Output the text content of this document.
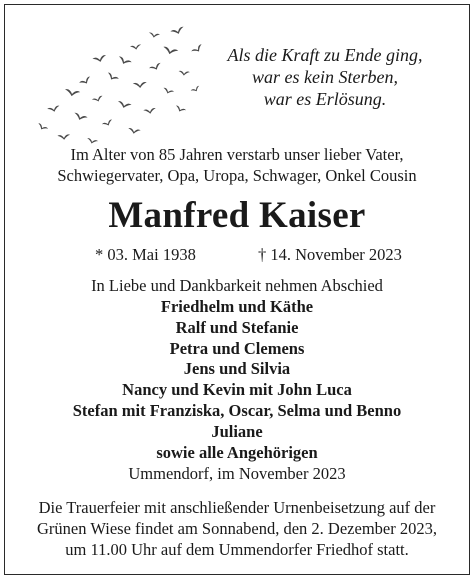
Als die Kraft zu Ende ging,
war es kein Sterben,
war es Erlösung.
Im Alter von 85 Jahren verstarb unser lieber Vater,
Schwiegervater, Opa, Uropa, Schwager, Onkel Cousin
Manfred Kaiser
* 03. Mai 1938	† 14. November 2023
In Liebe und Dankbarkeit nehmen Abschied
Friedhelm und Käthe
Ralf und Stefanie
Petra und Clemens
Jens und Silvia
Nancy und Kevin mit John Luca
Stefan mit Franziska, Oscar, Selma und Benno
Juliane
sowie alle Angehörigen
Ummendorf, im November 2023
Die Trauerfeier mit anschließender Urnenbeisetzung auf der
Grünen Wiese findet am Sonnabend, den 2. Dezember 2023,
um 11.00 Uhr auf dem Ummendorfer Friedhof statt.
